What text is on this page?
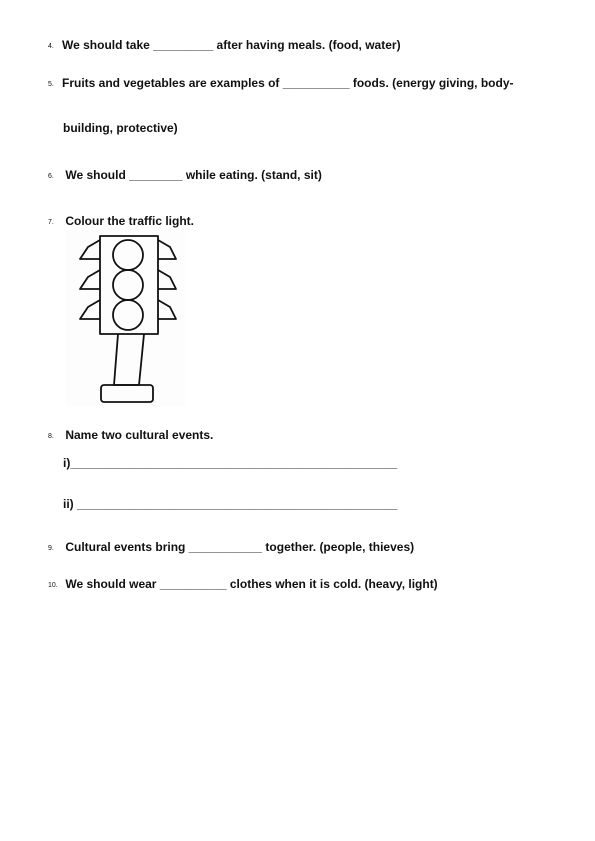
4. We should take _________ after having meals. (food, water)
5. Fruits and vegetables are examples of __________ foods. (energy giving, body-
building, protective)
6. We should ________ while eating. (stand, sit)
7. Colour the traffic light.
8. Name two cultural events.
i)_________________________________________________
ii) ________________________________________________
9. Cultural events bring ___________ together. (people, thieves)
10. We should wear __________ clothes when it is cold. (heavy, light)
